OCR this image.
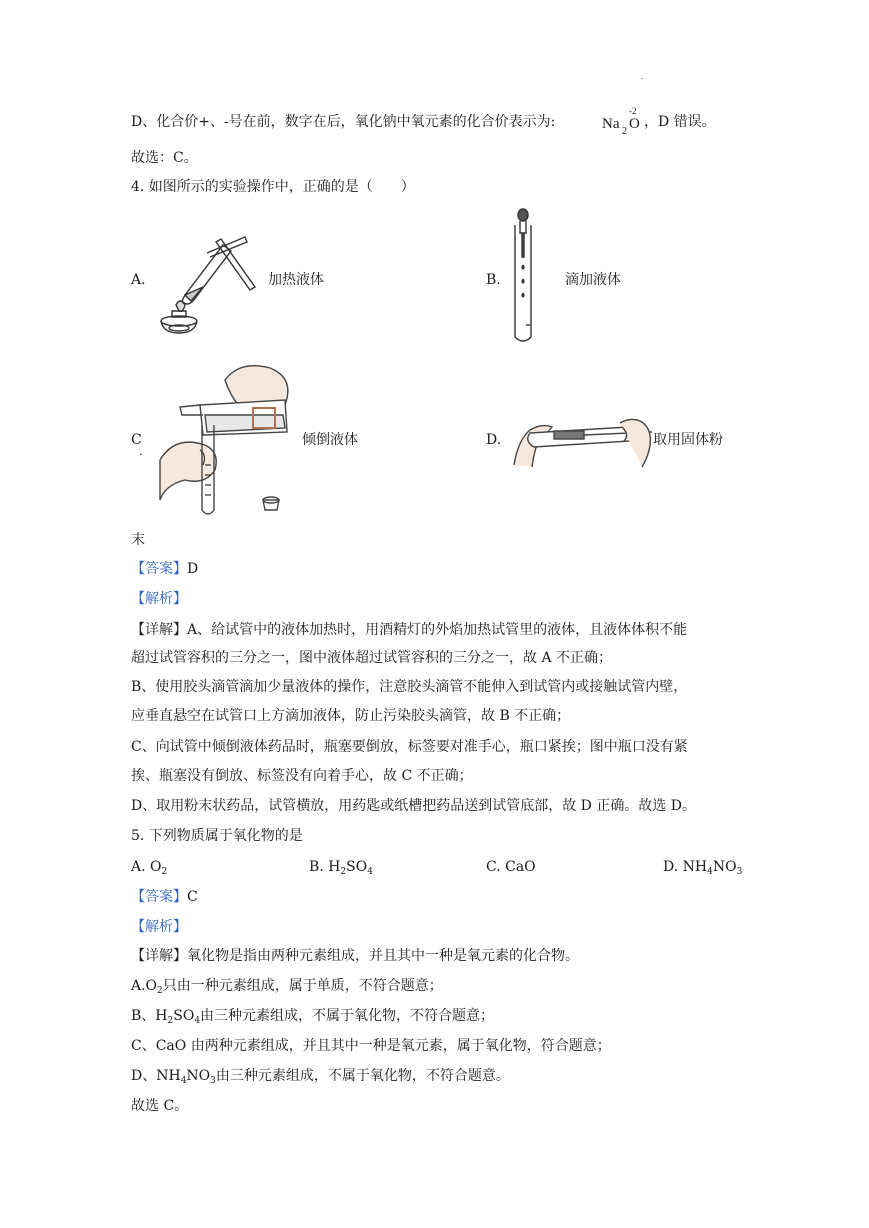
.
D、化合价+、-号在前，数字在后，氧化钠中氧元素的化合价表示为:	Na 2 O
-2
，D 错误。
故选：C。
4. 如图所示的实验操作中，正确的是（　　）
A.	加热液体	B.	滴加液体
C
.
倾倒液体	D.	取用固体粉
末
【答案】D
【解析】
【详解】A、给试管中的液体加热时，用酒精灯的外焰加热试管里的液体，且液体体积不能
超过试管容积的三分之一，图中液体超过试管容积的三分之一，故 A 不正确；
B、使用胶头滴管滴加少量液体的操作，注意胶头滴管不能伸入到试管内或接触试管内壁，
应垂直悬空在试管口上方滴加液体，防止污染胶头滴管，故 B 不正确；
C、向试管中倾倒液体药品时，瓶塞要倒放，标签要对准手心，瓶口紧挨；图中瓶口没有紧
挨、瓶塞没有倒放、标签没有向着手心，故 C 不正确；
D、取用粉末状药品，试管横放，用药匙或纸槽把药品送到试管底部，故 D 正确。故选 D。
5. 下列物质属于氧化物的是
A. $O_2$	B. $H_2SO_4$	C. CaO	D. $NH_4NO_3$
【答案】C
【解析】
【详解】氧化物是指由两种元素组成，并且其中一种是氧元素的化合物。
$A.O_2$只由一种元素组成，属于单质，不符合题意；
B、$H_2SO_4$由三种元素组成，不属于氧化物，不符合题意；
C、CaO 由两种元素组成，并且其中一种是氧元素，属于氧化物，符合题意；
D、$NH_4NO_3$由三种元素组成，不属于氧化物，不符合题意。
故选 C。
